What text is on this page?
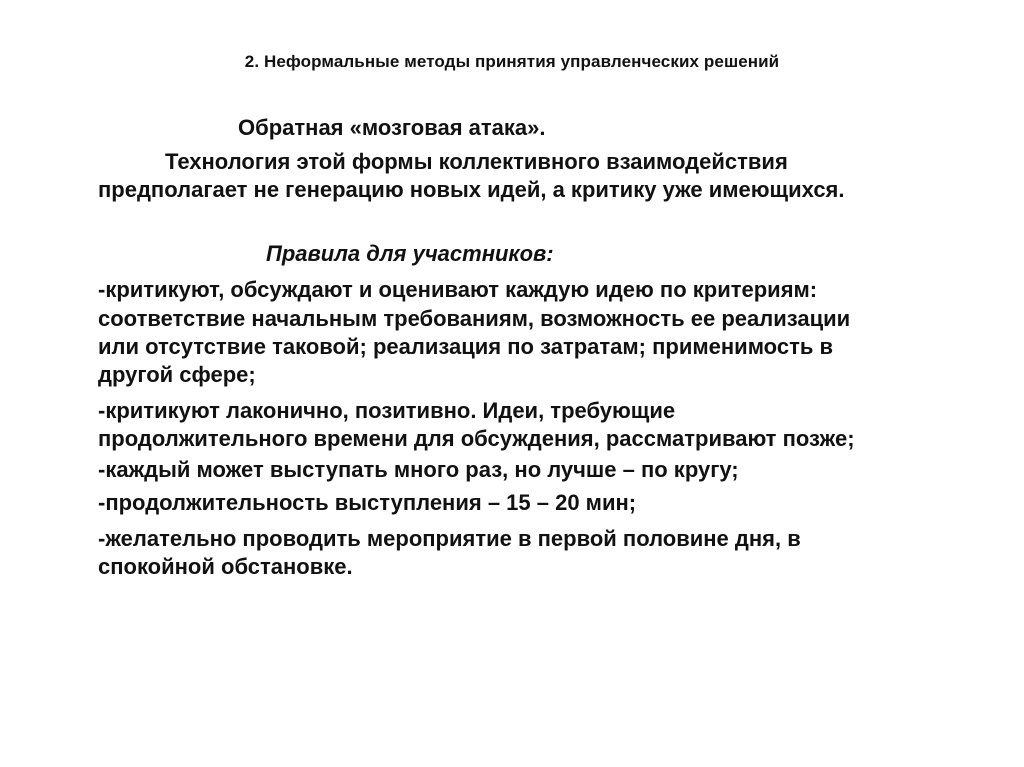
2. Неформальные методы принятия управленческих решений
Обратная «мозговая атака».
Технология этой формы коллективного взаимодействия
предполагает не генерацию новых идей, а критику уже имеющихся.
Правила для участников:
-критикуют, обсуждают и оценивают каждую идею по критериям:
соответствие начальным требованиям, возможность ее реализации
или отсутствие таковой; реализация по затратам; применимость в
другой сфере;
-критикуют лаконично, позитивно. Идеи, требующие
продолжительного времени для обсуждения, рассматривают позже;
-каждый может выступать много раз, но лучше – по кругу;
-продолжительность выступления – 15 – 20 мин;
-желательно проводить мероприятие в первой половине дня, в
спокойной обстановке.
